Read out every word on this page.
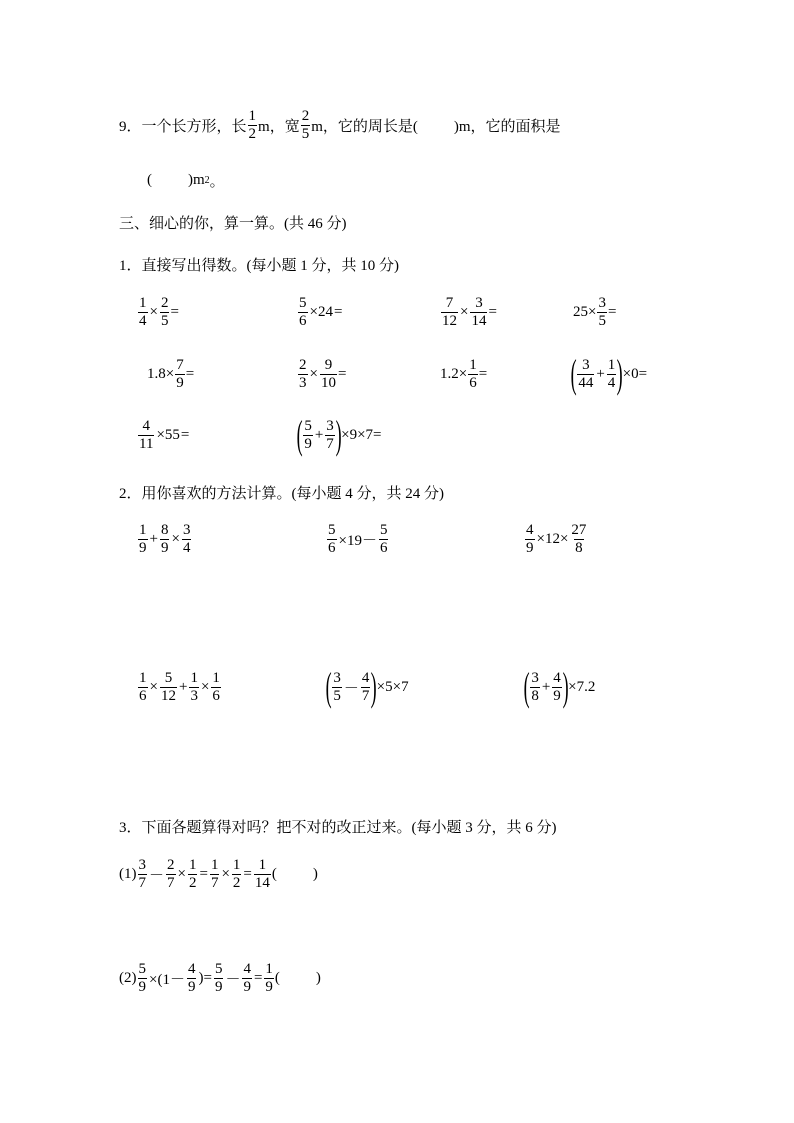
9． 一个长方形，长 $\frac{1}{2}$ m，宽 $\frac{2}{5}$ m，它的周长是( )m，它的面积是
( )m 2 。
三、细心的你，算一算。(共 46 分)
1．直接写出得数。(每小题 1 分，共 10 分)
$\frac{1}{4} \times \frac{2}{5}$ =	$\frac{5}{6} \times 24$ =	$\frac{7}{12} \times \frac{3}{14}$ =	$25\times \frac{3}{5}$ =
$1.8\times \frac{7}{9}$ =	$\frac{2}{3} \times \frac{9}{10}$ =	$1.2\times \frac{1}{6}$ = ( $\frac{3}{44} + \frac{1}{4}$ ) ×0 =
$\frac{4}{11} \times 55$ =	( $\frac{5}{9} + \frac{3}{7}$ ) ×9×7 =
2．用你喜欢的方法计算。(每小题 4 分，共 24 分)
$\frac{1}{9} + \frac{8}{9} \times \frac{3}{4}$	$\frac{5}{6} \times 19- \frac{5}{6}$	$\frac{4}{9} \times 12\times \frac{27}{8}$
$\frac{1}{6} \times \frac{5}{12} + \frac{1}{3} \times \frac{1}{6}$	( $\frac{3}{5} - \frac{4}{7}$ ) ×5×7	( $\frac{3}{8} + \frac{4}{9}$ ) ×7.2
3．下面各题算得对吗？把不对的改正过来。(每小题 3 分，共 6 分)
$(1) \frac{3}{7} - \frac{2}{7} \times \frac{1}{2} = \frac{1}{7} \times \frac{1}{2} = \frac{1}{14}$ ( )
$(2) \frac{5}{9} \times(1- \frac{4}{9}$ )= $\frac{5}{9} - \frac{4}{9} = \frac{1}{9}$ ( )
